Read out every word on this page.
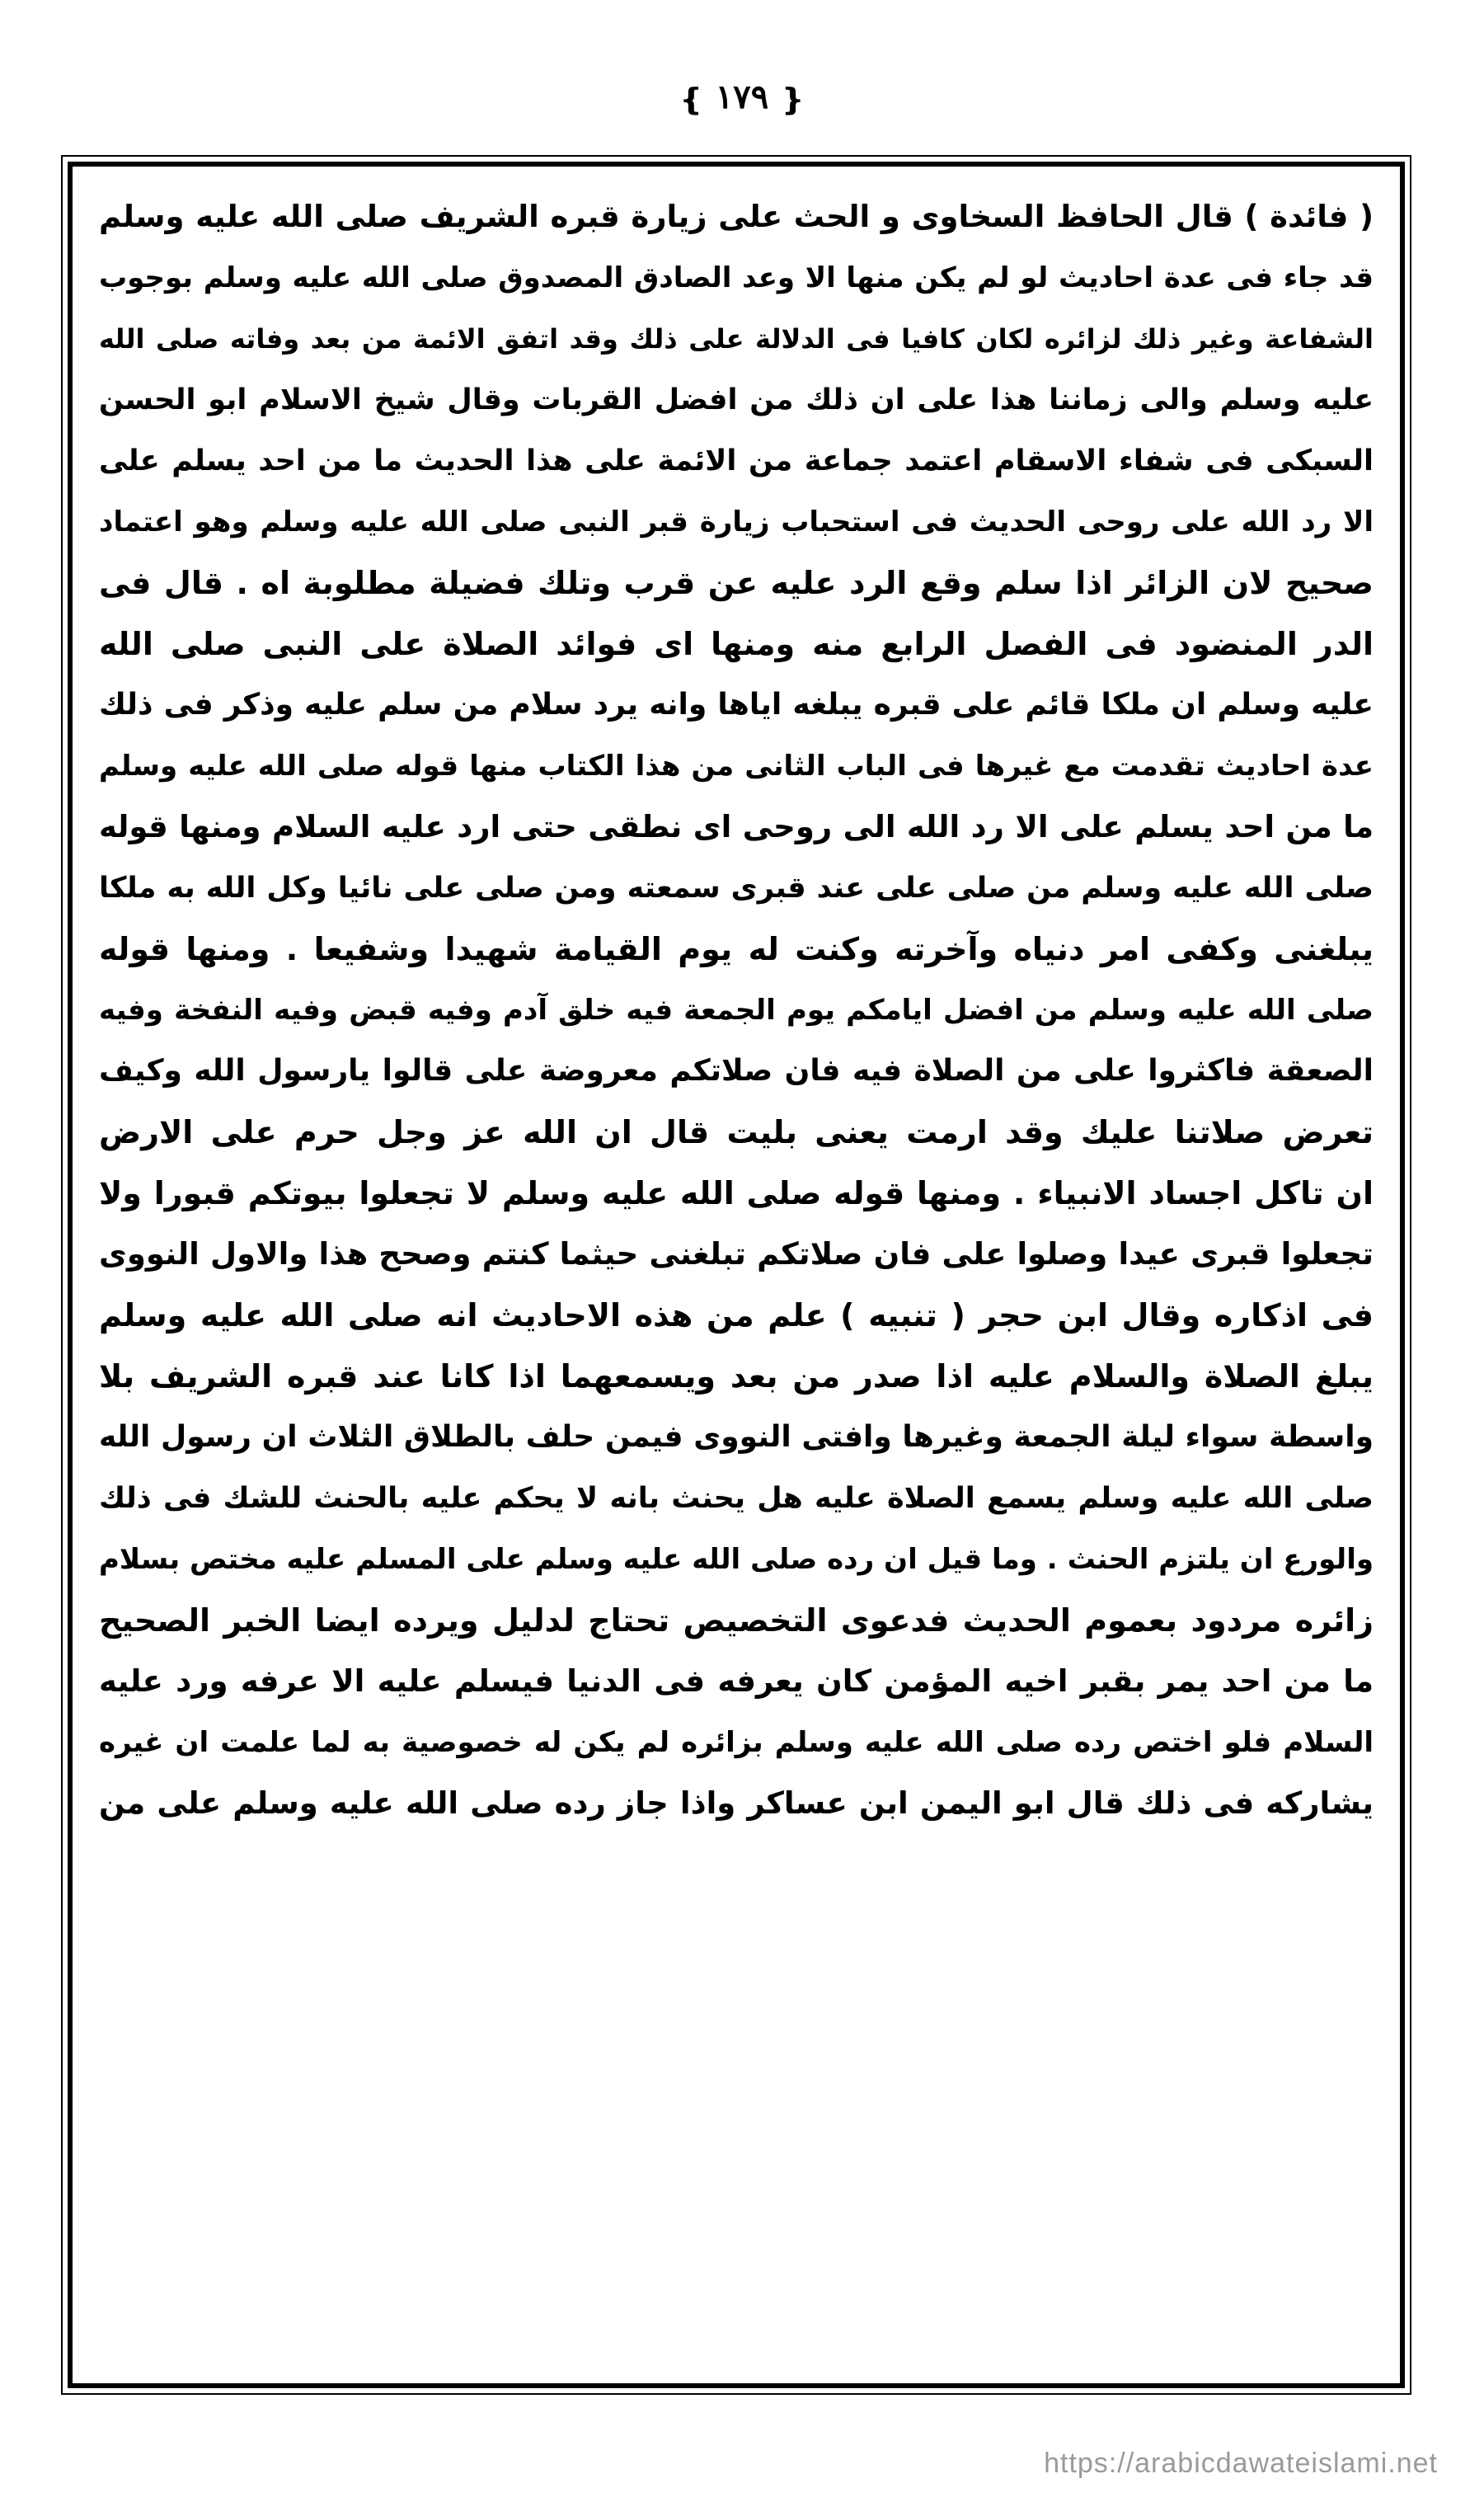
❴ ١٧٩ ❵
( فائدة ) قال الحافظ السخاوى و الحث على زيارة قبره الشريف صلى الله عليه وسلم
قد جاء فى عدة احاديث لو لم يكن منها الا وعد الصادق المصدوق صلى الله عليه وسلم بوجوب
الشفاعة وغير ذلك لزائره لكان كافيا فى الدلالة على ذلك وقد اتفق الائمة من بعد وفاته صلى الله
عليه وسلم والى زماننا هذا على ان ذلك من افضل القربات وقال شيخ الاسلام ابو الحسن
السبكى فى شفاء الاسقام اعتمد جماعة من الائمة على هذا الحديث ما من احد يسلم على
الا رد الله على روحى الحديث فى استحباب زيارة قبر النبى صلى الله عليه وسلم وهو اعتماد
صحيح لان الزائر اذا سلم وقع الرد عليه عن قرب وتلك فضيلة مطلوبة اه . قال فى
الدر المنضود فى الفصل الرابع منه ومنها اى فوائد الصلاة على النبى صلى الله
عليه وسلم ان ملكا قائم على قبره يبلغه اياها وانه يرد سلام من سلم عليه وذكر فى ذلك
عدة احاديث تقدمت مع غيرها فى الباب الثانى من هذا الكتاب منها قوله صلى الله عليه وسلم
ما من احد يسلم على الا رد الله الى روحى اى نطقى حتى ارد عليه السلام ومنها قوله
صلى الله عليه وسلم من صلى على عند قبرى سمعته ومن صلى على نائيا وكل الله به ملكا
يبلغنى وكفى امر دنياه وآخرته وكنت له يوم القيامة شهيدا وشفيعا . ومنها قوله
صلى الله عليه وسلم من افضل ايامكم يوم الجمعة فيه خلق آدم وفيه قبض وفيه النفخة وفيه
الصعقة فاكثروا على من الصلاة فيه فان صلاتكم معروضة على قالوا يارسول الله وكيف
تعرض صلاتنا عليك وقد ارمت يعنى بليت قال ان الله عز وجل حرم على الارض
ان تاكل اجساد الانبياء . ومنها قوله صلى الله عليه وسلم لا تجعلوا بيوتكم قبورا ولا
تجعلوا قبرى عيدا وصلوا على فان صلاتكم تبلغنى حيثما كنتم وصحح هذا والاول النووى
فى اذكاره وقال ابن حجر ( تنبيه ) علم من هذه الاحاديث انه صلى الله عليه وسلم
يبلغ الصلاة والسلام عليه اذا صدر من بعد ويسمعهما اذا كانا عند قبره الشريف بلا
واسطة سواء ليلة الجمعة وغيرها وافتى النووى فيمن حلف بالطلاق الثلاث ان رسول الله
صلى الله عليه وسلم يسمع الصلاة عليه هل يحنث بانه لا يحكم عليه بالحنث للشك فى ذلك
والورع ان يلتزم الحنث . وما قيل ان رده صلى الله عليه وسلم على المسلم عليه مختص بسلام
زائره مردود بعموم الحديث فدعوى التخصيص تحتاج لدليل ويرده ايضا الخبر الصحيح
ما من احد يمر بقبر اخيه المؤمن كان يعرفه فى الدنيا فيسلم عليه الا عرفه ورد عليه
السلام فلو اختص رده صلى الله عليه وسلم بزائره لم يكن له خصوصية به لما علمت ان غيره
يشاركه فى ذلك قال ابو اليمن ابن عساكر واذا جاز رده صلى الله عليه وسلم على من
https://arabicdawateislami.net
